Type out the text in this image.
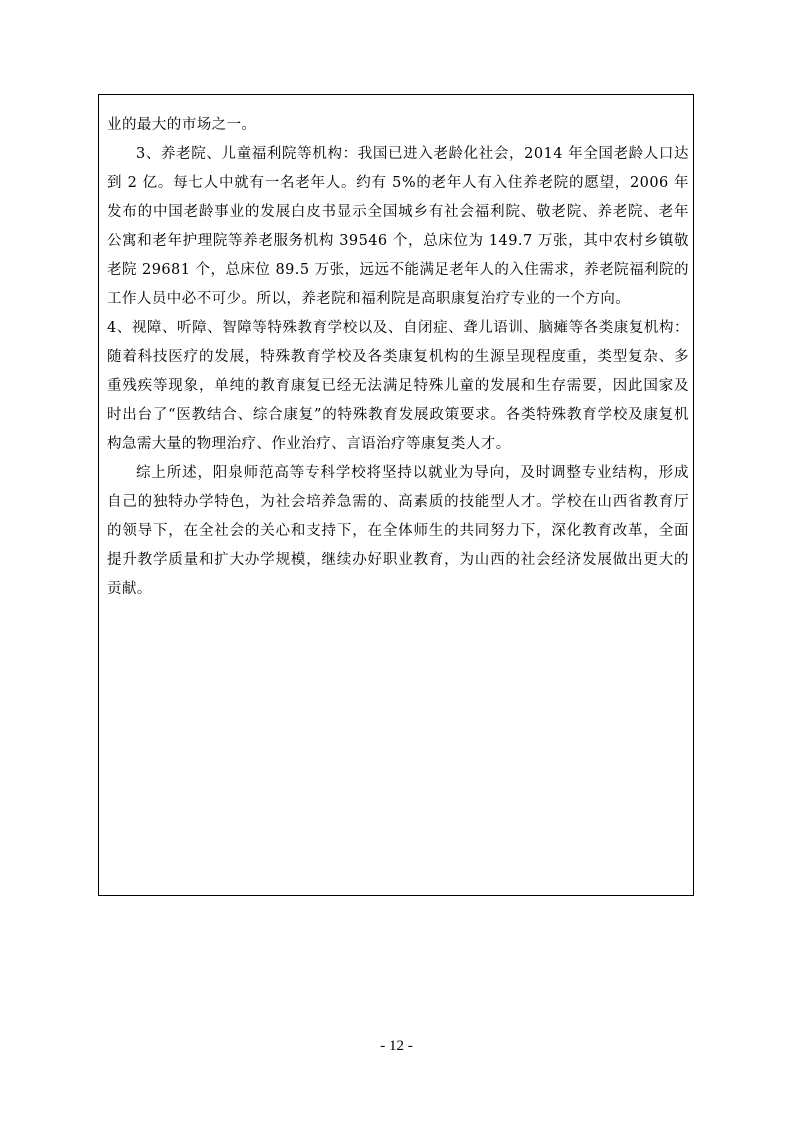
业的最大的市场之一。

3、养老院、儿童福利院等机构：我国已进入老龄化社会，2014 年全国老龄人口达到 2 亿。每七人中就有一名老年人。约有 5%的老年人有入住养老院的愿望，2006 年发布的中国老龄事业的发展白皮书显示全国城乡有社会福利院、敬老院、养老院、老年公寓和老年护理院等养老服务机构 39546 个，总床位为 149.7 万张，其中农村乡镇敬老院 29681 个，总床位 89.5 万张，远远不能满足老年人的入住需求，养老院福利院的工作人员中必不可少。所以，养老院和福利院是高职康复治疗专业的一个方向。

4、视障、听障、智障等特殊教育学校以及、自闭症、聋儿语训、脑瘫等各类康复机构：随着科技医疗的发展，特殊教育学校及各类康复机构的生源呈现程度重，类型复杂、多重残疾等现象，单纯的教育康复已经无法满足特殊儿童的发展和生存需要，因此国家及时出台了“医教结合、综合康复”的特殊教育发展政策要求。各类特殊教育学校及康复机构急需大量的物理治疗、作业治疗、言语治疗等康复类人才。

综上所述，阳泉师范高等专科学校将坚持以就业为导向，及时调整专业结构，形成自己的独特办学特色，为社会培养急需的、高素质的技能型人才。学校在山西省教育厅的领导下，在全社会的关心和支持下，在全体师生的共同努力下，深化教育改革，全面提升教学质量和扩大办学规模，继续办好职业教育，为山西的社会经济发展做出更大的贡献。

- 12 -
